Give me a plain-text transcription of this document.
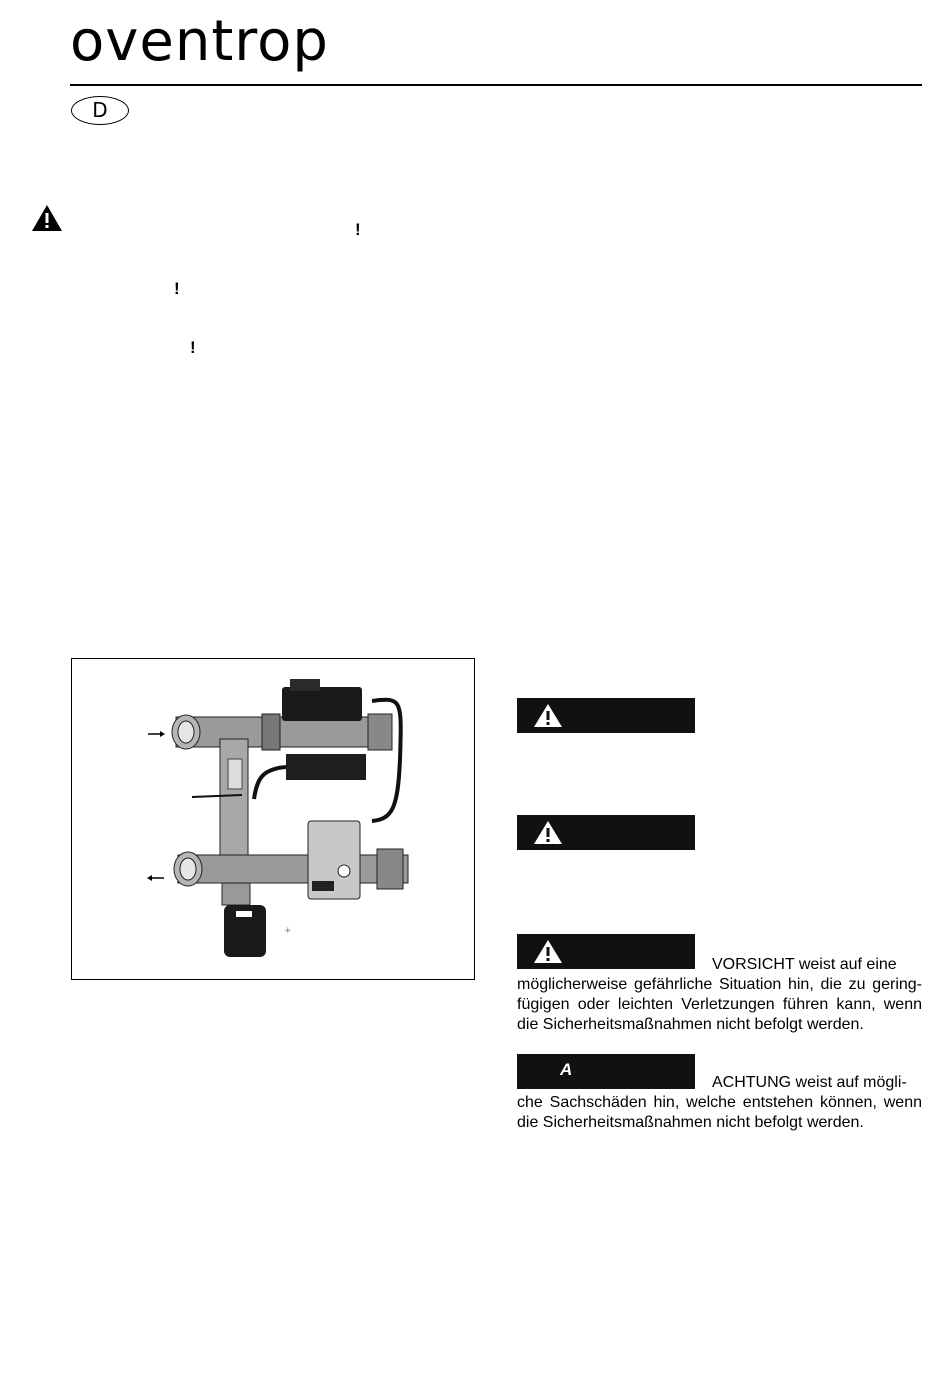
oventrop
D
!
!
!
+
VORSICHT weist auf eine
möglicherweise gefährliche Situation hin, die zu gering-fügigen oder leichten Verletzungen führen kann, wenn die Sicherheitsmaßnahmen nicht befolgt werden.
A
ACHTUNG weist auf mögli-
che Sachschäden hin, welche entstehen können, wenn die Sicherheitsmaßnahmen nicht befolgt werden.
